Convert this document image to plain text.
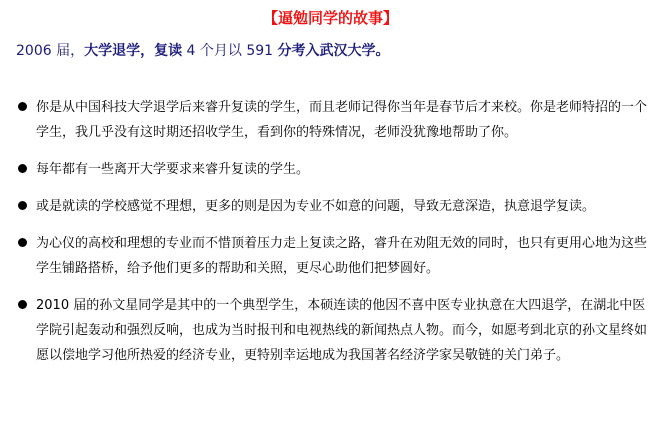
【逼勉同学的故事】
2006 届，大学退学，复读 4 个月以 591 分考入武汉大学。
你是从中国科技大学退学后来睿升复读的学生，而且老师记得你当年是春节后才来校。你是老师特招的一个学生，我几乎没有这时期还招收学生，看到你的特殊情况，老师没犹豫地帮助了你。
每年都有一些离开大学要求来睿升复读的学生。
或是就读的学校感觉不理想，更多的则是因为专业不如意的问题，导致无意深造，执意退学复读。
为心仪的高校和理想的专业而不惜顶着压力走上复读之路，睿升在劝阻无效的同时，也只有更用心地为这些学生铺路搭桥，给予他们更多的帮助和关照，更尽心助他们把梦圆好。
2010 届的孙文星同学是其中的一个典型学生，本硕连读的他因不喜中医专业执意在大四退学，在湖北中医学院引起轰动和强烈反响，也成为当时报刊和电视热线的新闻热点人物。而今，如愿考到北京的孙文星终如愿以偿地学习他所热爱的经济专业，更特别幸运地成为我国著名经济学家吴敬链的关门弟子。
